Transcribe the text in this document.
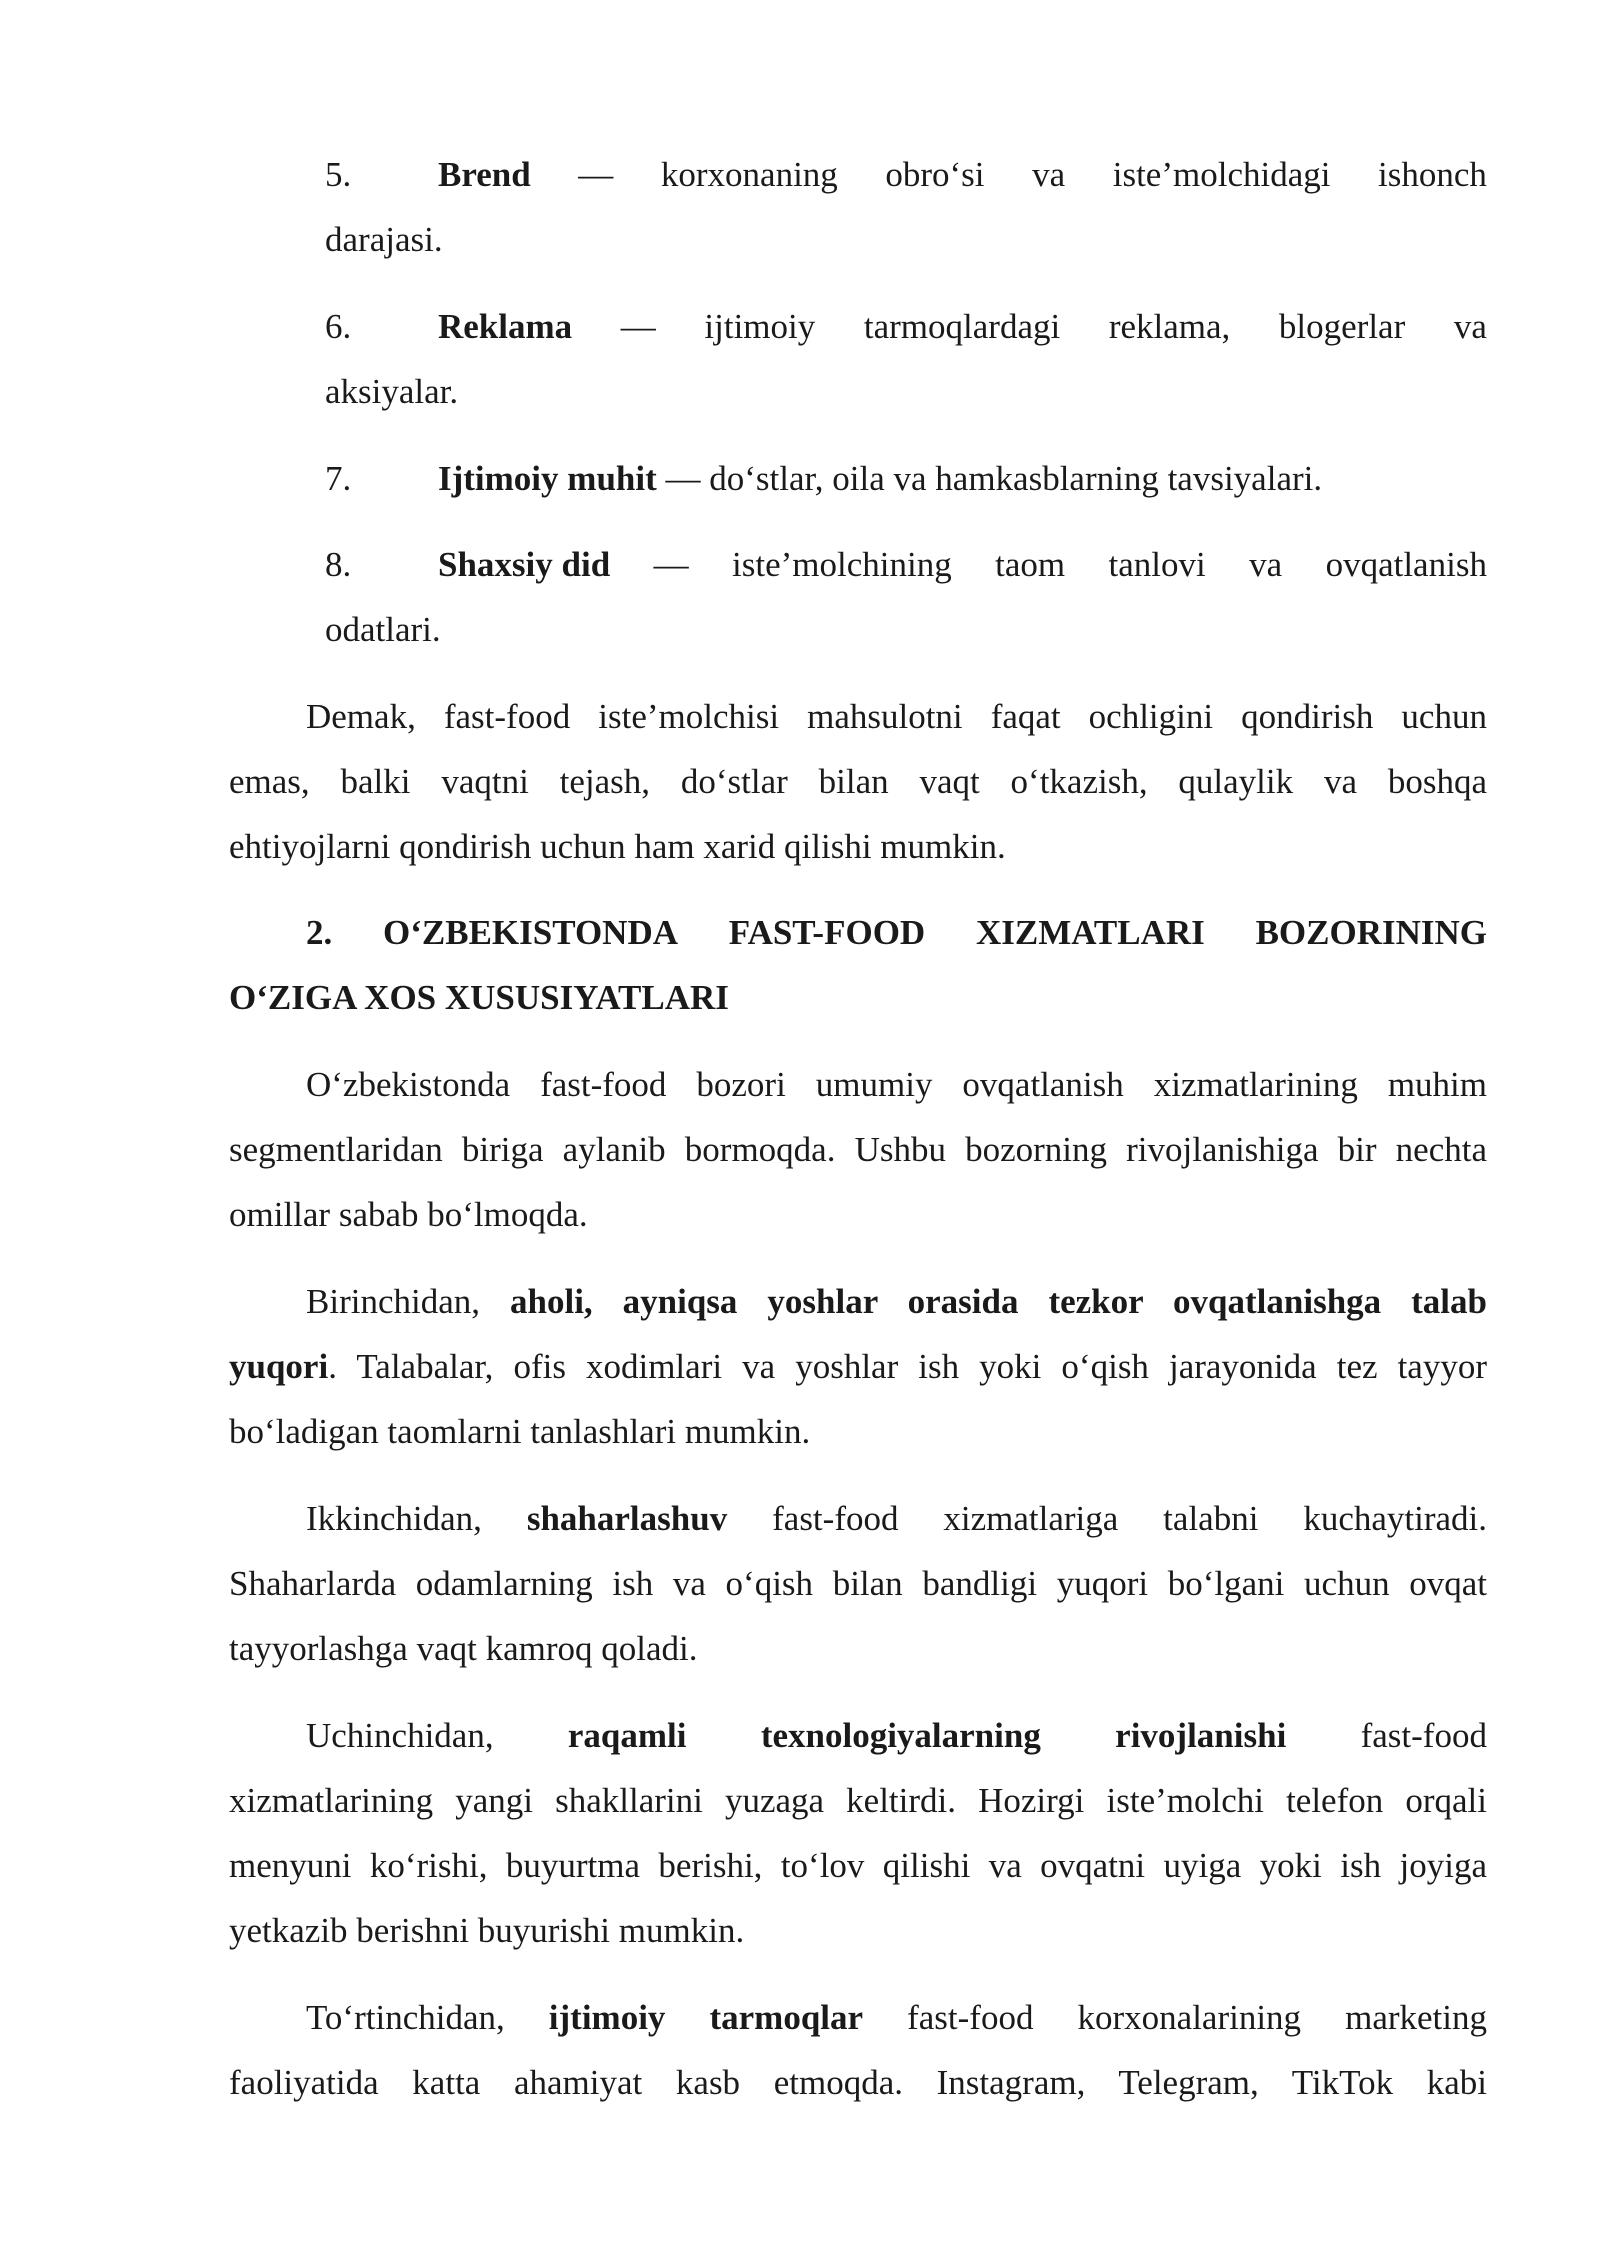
5.	Brend — korxonaning obro‘si va iste’molchidagi ishonch
darajasi.
6.	Reklama — ijtimoiy tarmoqlardagi reklama, blogerlar va
aksiyalar.
7.	Ijtimoiy muhit — do‘stlar, oila va hamkasblarning tavsiyalari.
8.	Shaxsiy did — iste’molchining taom tanlovi va ovqatlanish
odatlari.
Demak, fast-food iste’molchisi mahsulotni faqat ochligini qondirish uchun
emas, balki vaqtni tejash, do‘stlar bilan vaqt o‘tkazish, qulaylik va boshqa
ehtiyojlarni qondirish uchun ham xarid qilishi mumkin.
2. O‘ZBEKISTONDA FAST-FOOD XIZMATLARI BOZORINING
O‘ZIGA XOS XUSUSIYATLARI
O‘zbekistonda fast-food bozori umumiy ovqatlanish xizmatlarining muhim
segmentlaridan biriga aylanib bormoqda. Ushbu bozorning rivojlanishiga bir nechta
omillar sabab bo‘lmoqda.
Birinchidan, aholi, ayniqsa yoshlar orasida tezkor ovqatlanishga talab
yuqori. Talabalar, ofis xodimlari va yoshlar ish yoki o‘qish jarayonida tez tayyor
bo‘ladigan taomlarni tanlashlari mumkin.
Ikkinchidan, shaharlashuv fast-food xizmatlariga talabni kuchaytiradi.
Shaharlarda odamlarning ish va o‘qish bilan bandligi yuqori bo‘lgani uchun ovqat
tayyorlashga vaqt kamroq qoladi.
Uchinchidan, raqamli texnologiyalarning rivojlanishi fast-food
xizmatlarining yangi shakllarini yuzaga keltirdi. Hozirgi iste’molchi telefon orqali
menyuni ko‘rishi, buyurtma berishi, to‘lov qilishi va ovqatni uyiga yoki ish joyiga
yetkazib berishni buyurishi mumkin.
To‘rtinchidan, ijtimoiy tarmoqlar fast-food korxonalarining marketing
faoliyatida katta ahamiyat kasb etmoqda. Instagram, Telegram, TikTok kabi
